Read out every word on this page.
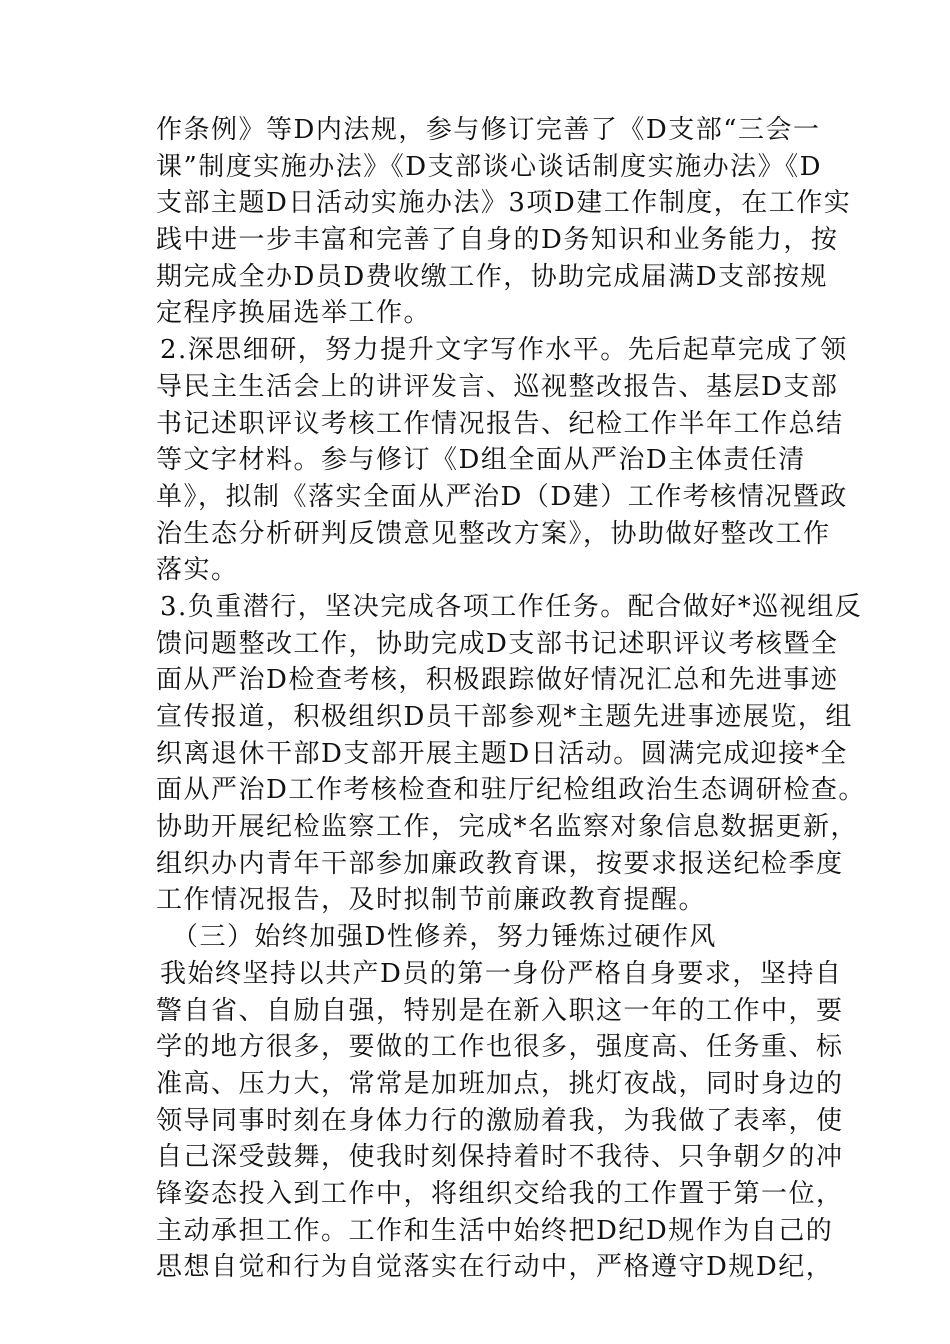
作条例》等D内法规，参与修订完善了《D支部“三会一
课”制度实施办法》《D支部谈心谈话制度实施办法》《D
支部主题D日活动实施办法》3项D建工作制度，在工作实
践中进一步丰富和完善了自身的D务知识和业务能力，按
期完成全办D员D费收缴工作，协助完成届满D支部按规
定程序换届选举工作。
2.深思细研，努力提升文字写作水平。先后起草完成了领
导民主生活会上的讲评发言、巡视整改报告、基层D支部
书记述职评议考核工作情况报告、纪检工作半年工作总结
等文字材料。参与修订《D组全面从严治D主体责任清
单》，拟制《落实全面从严治D（D建）工作考核情况暨政
治生态分析研判反馈意见整改方案》，协助做好整改工作
落实。
3.负重潜行，坚决完成各项工作任务。配合做好*巡视组反
馈问题整改工作，协助完成D支部书记述职评议考核暨全
面从严治D检查考核，积极跟踪做好情况汇总和先进事迹
宣传报道，积极组织D员干部参观*主题先进事迹展览，组
织离退休干部D支部开展主题D日活动。圆满完成迎接*全
面从严治D工作考核检查和驻厅纪检组政治生态调研检查。
协助开展纪检监察工作，完成*名监察对象信息数据更新，
组织办内青年干部参加廉政教育课，按要求报送纪检季度
工作情况报告，及时拟制节前廉政教育提醒。
（三）始终加强D性修养，努力锤炼过硬作风
我始终坚持以共产D员的第一身份严格自身要求，坚持自
警自省、自励自强，特别是在新入职这一年的工作中，要
学的地方很多，要做的工作也很多，强度高、任务重、标
准高、压力大，常常是加班加点，挑灯夜战，同时身边的
领导同事时刻在身体力行的激励着我，为我做了表率，使
自己深受鼓舞，使我时刻保持着时不我待、只争朝夕的冲
锋姿态投入到工作中，将组织交给我的工作置于第一位，
主动承担工作。工作和生活中始终把D纪D规作为自己的
思想自觉和行为自觉落实在行动中，严格遵守D规D纪，
